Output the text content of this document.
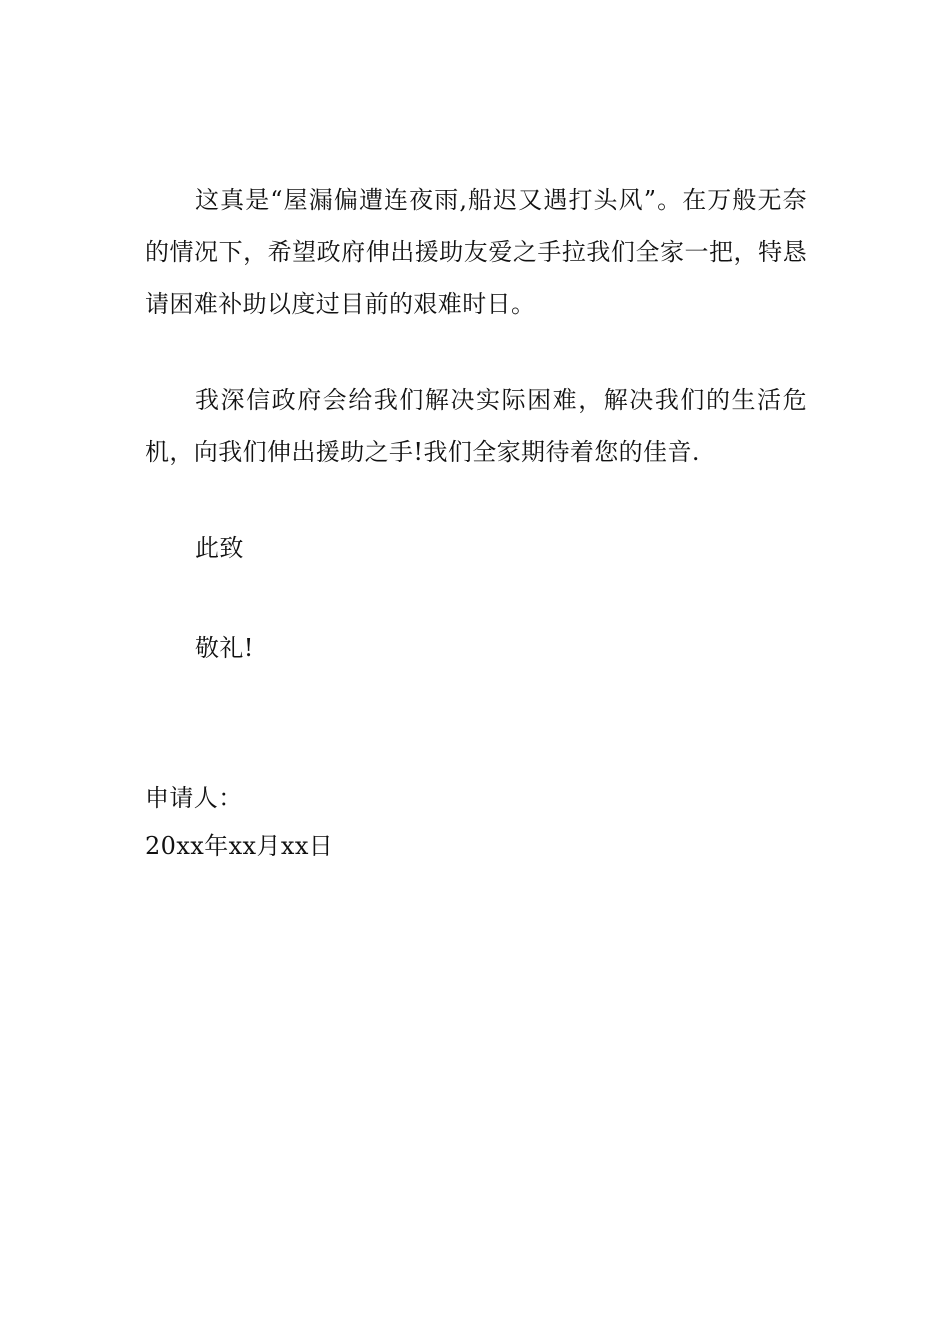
这真是“屋漏偏遭连夜雨,船迟又遇打头风”。在万般无奈的情况下，希望政府伸出援助友爱之手拉我们全家一把，特恳请困难补助以度过目前的艰难时日。

我深信政府会给我们解决实际困难，解决我们的生活危机，向我们伸出援助之手!我们全家期待着您的佳音.

此致

敬礼!

申请人：

20xx年xx月xx日
